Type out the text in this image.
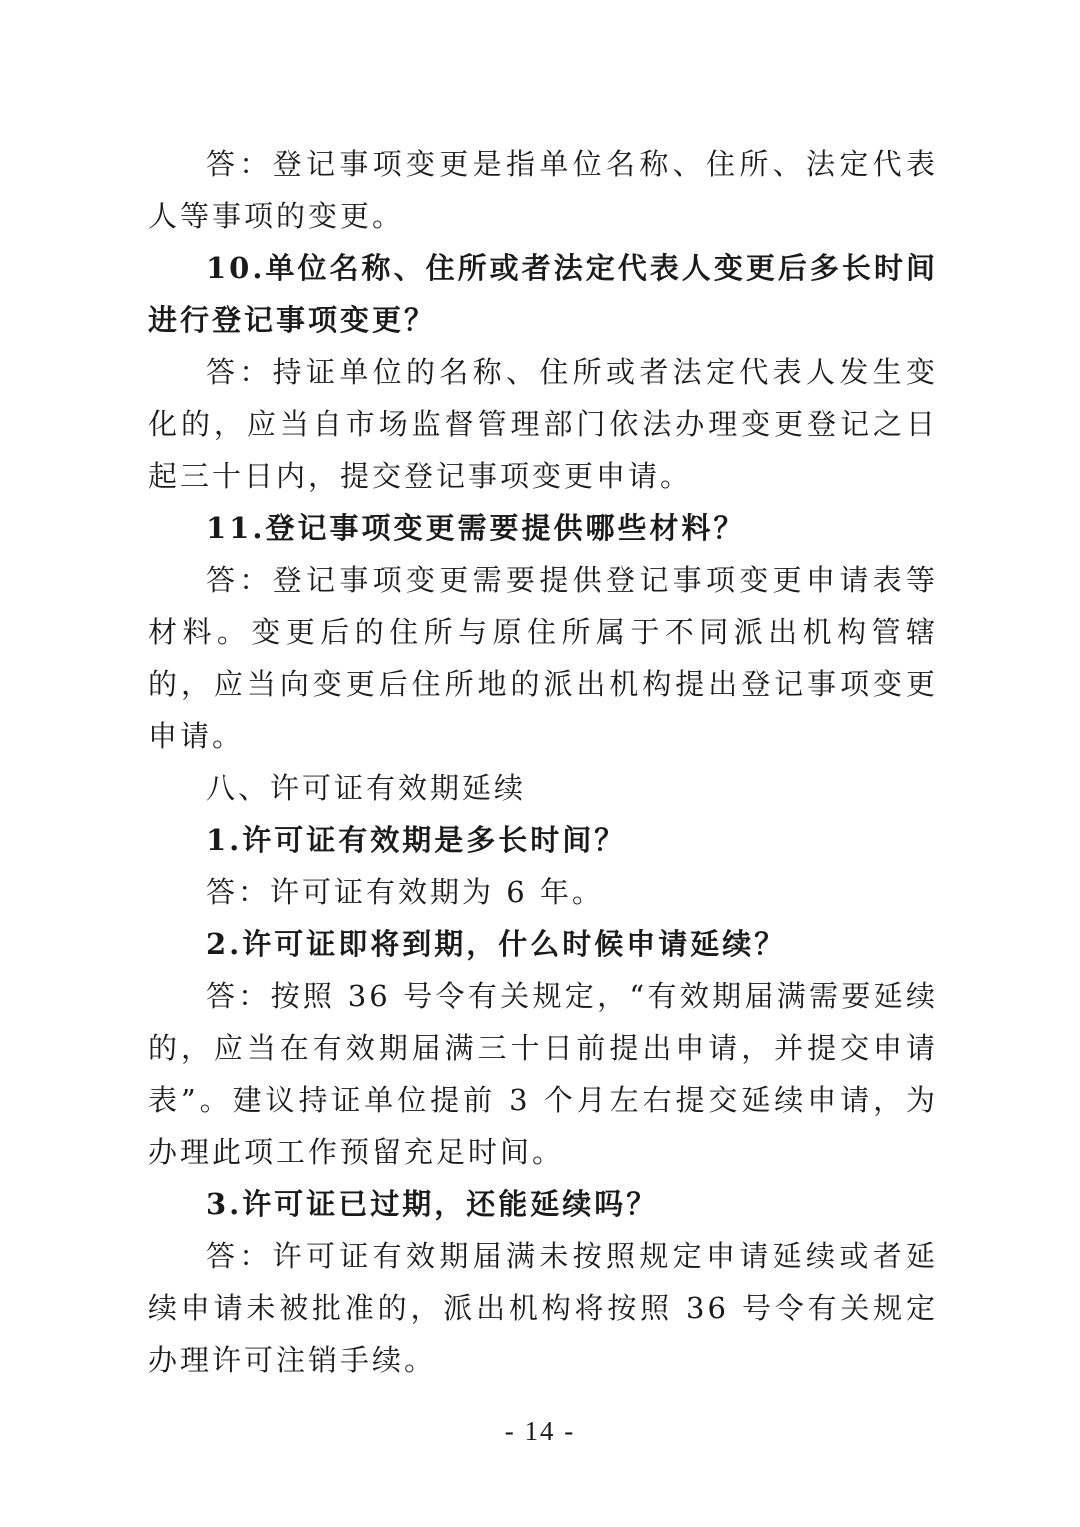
答：登记事项变更是指单位名称、住所、法定代表人等事项的变更。

10.单位名称、住所或者法定代表人变更后多长时间进行登记事项变更？

答：持证单位的名称、住所或者法定代表人发生变化的，应当自市场监督管理部门依法办理变更登记之日起三十日内，提交登记事项变更申请。

11.登记事项变更需要提供哪些材料？

答：登记事项变更需要提供登记事项变更申请表等材料。变更后的住所与原住所属于不同派出机构管辖的，应当向变更后住所地的派出机构提出登记事项变更申请。

八、许可证有效期延续

1.许可证有效期是多长时间？

答：许可证有效期为 6 年。

2.许可证即将到期，什么时候申请延续？

答：按照 36 号令有关规定，“有效期届满需要延续的，应当在有效期届满三十日前提出申请，并提交申请表”。建议持证单位提前 3 个月左右提交延续申请，为办理此项工作预留充足时间。

3.许可证已过期，还能延续吗？

答：许可证有效期届满未按照规定申请延续或者延续申请未被批准的，派出机构将按照 36 号令有关规定办理许可注销手续。

- 14 -
